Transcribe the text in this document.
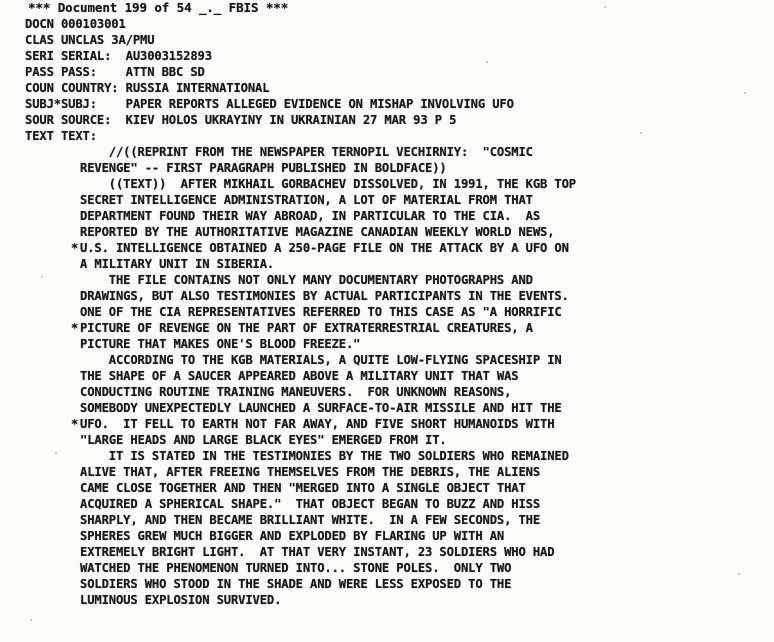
*** Document 199 of 54 _._ FBIS ***
DOCN 000103001
CLAS UNCLAS 3A/PMU
SERI SERIAL: AU3003152893
PASS PASS: ATTN BBC SD
COUN COUNTRY: RUSSIA INTERNATIONAL
SUBJ*SUBJ: PAPER REPORTS ALLEGED EVIDENCE ON MISHAP INVOLVING UFO
SOUR SOURCE: KIEV HOLOS UKRAYINY IN UKRAINIAN 27 MAR 93 P 5
TEXT TEXT:
//((REPRINT FROM THE NEWSPAPER TERNOPIL VECHIRNIY:  "COSMIC
REVENGE" -- FIRST PARAGRAPH PUBLISHED IN BOLDFACE))
((TEXT))  AFTER MIKHAIL GORBACHEV DISSOLVED, IN 1991, THE KGB TOP
SECRET INTELLIGENCE ADMINISTRATION, A LOT OF MATERIAL FROM THAT
DEPARTMENT FOUND THEIR WAY ABROAD, IN PARTICULAR TO THE CIA.  AS
REPORTED BY THE AUTHORITATIVE MAGAZINE CANADIAN WEEKLY WORLD NEWS,
* U.S. INTELLIGENCE OBTAINED A 250-PAGE FILE ON THE ATTACK BY A UFO ON
A MILITARY UNIT IN SIBERIA.
THE FILE CONTAINS NOT ONLY MANY DOCUMENTARY PHOTOGRAPHS AND
DRAWINGS, BUT ALSO TESTIMONIES BY ACTUAL PARTICIPANTS IN THE EVENTS.
ONE OF THE CIA REPRESENTATIVES REFERRED TO THIS CASE AS "A HORRIFIC
* PICTURE OF REVENGE ON THE PART OF EXTRATERRESTRIAL CREATURES, A
PICTURE THAT MAKES ONE'S BLOOD FREEZE."
ACCORDING TO THE KGB MATERIALS, A QUITE LOW-FLYING SPACESHIP IN
THE SHAPE OF A SAUCER APPEARED ABOVE A MILITARY UNIT THAT WAS
CONDUCTING ROUTINE TRAINING MANEUVERS.  FOR UNKNOWN REASONS,
SOMEBODY UNEXPECTEDLY LAUNCHED A SURFACE-TO-AIR MISSILE AND HIT THE
* UFO.  IT FELL TO EARTH NOT FAR AWAY, AND FIVE SHORT HUMANOIDS WITH
"LARGE HEADS AND LARGE BLACK EYES" EMERGED FROM IT.
IT IS STATED IN THE TESTIMONIES BY THE TWO SOLDIERS WHO REMAINED
ALIVE THAT, AFTER FREEING THEMSELVES FROM THE DEBRIS, THE ALIENS
CAME CLOSE TOGETHER AND THEN "MERGED INTO A SINGLE OBJECT THAT
ACQUIRED A SPHERICAL SHAPE."  THAT OBJECT BEGAN TO BUZZ AND HISS
SHARPLY, AND THEN BECAME BRILLIANT WHITE.  IN A FEW SECONDS, THE
SPHERES GREW MUCH BIGGER AND EXPLODED BY FLARING UP WITH AN
EXTREMELY BRIGHT LIGHT.  AT THAT VERY INSTANT, 23 SOLDIERS WHO HAD
WATCHED THE PHENOMENON TURNED INTO... STONE POLES.  ONLY TWO
SOLDIERS WHO STOOD IN THE SHADE AND WERE LESS EXPOSED TO THE
LUMINOUS EXPLOSION SURVIVED.
